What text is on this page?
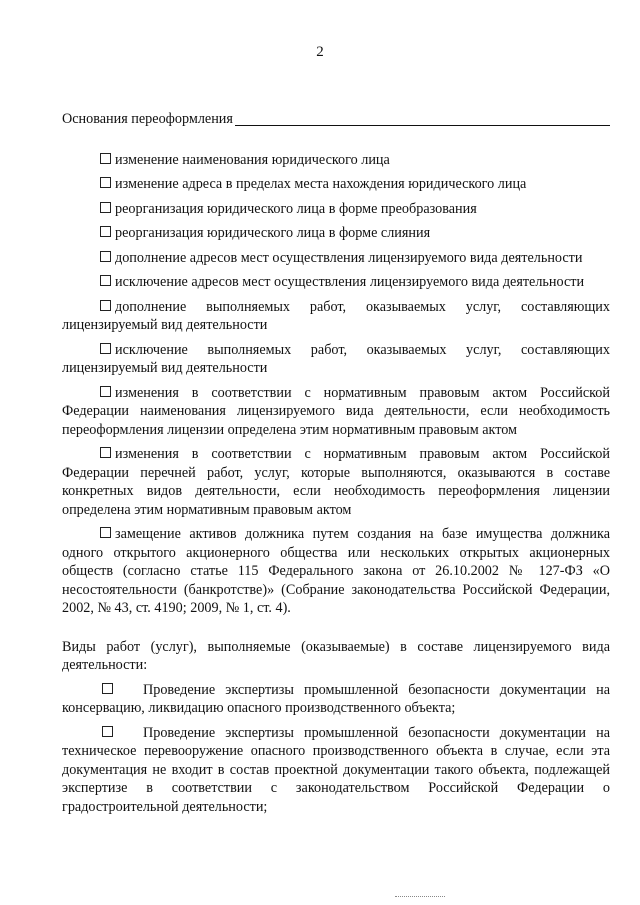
2
Основания переоформления

изменение наименования юридического лица

изменение адреса в пределах места нахождения юридического лица

реорганизация юридического лица в форме преобразования

реорганизация юридического лица в форме слияния

дополнение адресов мест осуществления лицензируемого вида деятельности

исключение адресов мест осуществления лицензируемого вида деятельности

дополнение выполняемых работ, оказываемых услуг, составляющих лицензируемый вид деятельности

исключение выполняемых работ, оказываемых услуг, составляющих лицензируемый вид деятельности

изменения в соответствии с нормативным правовым актом Российской Федерации наименования лицензируемого вида деятельности, если необходимость переоформления лицензии определена этим нормативным правовым актом

изменения в соответствии с нормативным правовым актом Российской Федерации перечней работ, услуг, которые выполняются, оказываются в составе конкретных видов деятельности, если необходимость переоформления лицензии определена этим нормативным правовым актом

замещение активов должника путем создания на базе имущества должника одного открытого акционерного общества или нескольких открытых акционерных обществ (согласно статье 115 Федерального закона от 26.10.2002 № 127-ФЗ «О несостоятельности (банкротстве)» (Собрание законодательства Российской Федерации, 2002, № 43, ст. 4190; 2009, № 1, ст. 4).

Виды работ (услуг), выполняемые (оказываемые) в составе лицензируемого вида деятельности:

Проведение экспертизы промышленной безопасности документации на консервацию, ликвидацию опасного производственного объекта;

Проведение экспертизы промышленной безопасности документации на техническое перевооружение опасного производственного объекта в случае, если эта документация не входит в состав проектной документации такого объекта, подлежащей экспертизе в соответствии с законодательством Российской Федерации о градостроительной деятельности;
